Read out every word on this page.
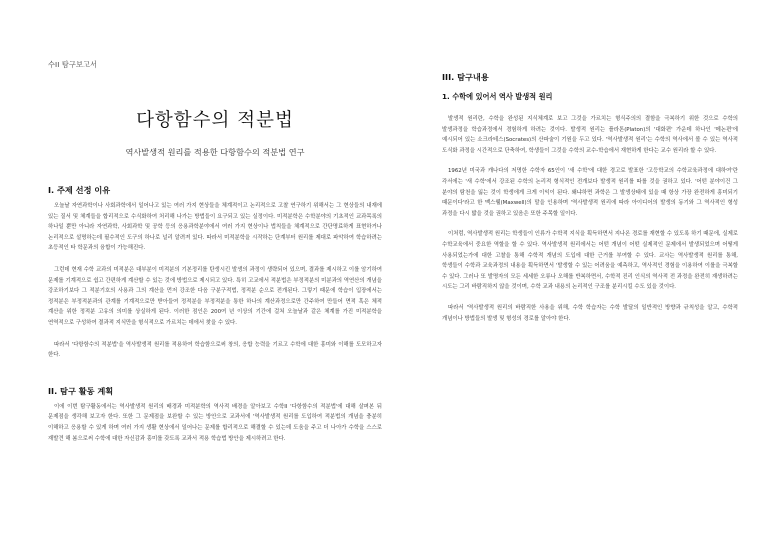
수II 탐구보고서
다항함수의 적분법
역사발생적 원리를 적용한 다항함수의 적분법 연구
I. 주제 선정 이유

오늘날 자연과학이나 사회과학에서 일어나고 있는 여러 가지 현상들을 체계적이고 논리적으로 고찰 연구하기 위해서는 그 현상들의 내재에 있는 질서 및 체계들을 합리적으로 수식화하여 처리해 나가는 방법들이 요구되고 있는 실정이다. 미적분학은 수학분야의 기초적인 교과목록의 하나일 뿐만 아니라 자연과학, 사회과학 및 공학 등의 응용과학분야에서 여러 가지 현상이나 법칙들을 체계적으로 간단명료하게 표현하거나 논리적으로 설명하는데 필수적인 도구의 하나로 널리 알려져 있다. 따라서 미적분학을 시작하는 단계부터 원리를 제대로 파악하여 학습하려는 초등적인 타 학문과의 융합이 가능해진다.

그런데 현재 수학 교과의 미적분은 대부분이 미적분의 기본정리를 탄생시킨 발생의 과정이 생략되어 있으며, 결과를 제시하고 이를 암기하여 문제를 기계적으로 쉽고 간편하게 계산할 수 있는 것에 방법으로 제시되고 있다. 특히 고교에서 적분법은 부정적분의 미분과의 역연산의 개념을 강조하기보다 그 적분기호의 사용과 그의 계산을 먼저 강조한 다음 구분구적법, 정적분 순으로 전개된다. 그렇기 때문에 학습이 입장에서는 정적분은 부정적분과의 관계를 기계적으로만 받아들여 정적분을 부정적분을 통한 하나의 계산과정으로만 간주하여 만들어 면적 혹은 체적 계산을 위한 정적분 고유의 의미를 상실하게 된다. 이러한 점인은 200여 년 이상의 기간에 걸쳐 오늘날과 같은 체계를 가진 미적분학을 연역적으로 구성하여 결과적 지식만을 형식적으로 가르치는 데에서 찾을 수 있다.

따라서 '다항함수의 적분법'을 역사발생적 원리를 적용하여 학습함으로써 창의, 응합 능력을 기르고 수학에 대한 흥미와 이해를 도모하고자 한다.

II. 탐구 활동 계획

이에 이번 탐구활동에서는 역사발생적 원리의 배경과 미적분학의 역사적 배경을 알아보고 수학II '다항함수의 적분법'에 대해 살펴본 뒤 문제점을 생각해 보고자 한다. 또한 그 문제점을 보완할 수 있는 방안으로 교과서에 '역사발생적 원리를 도입하여 적분법의 개념을 충분히 이해하고 응용할 수 있게 하며 여러 가지 생활 현상에서 일어나는 문제를 합리적으로 해결할 수 있는데 도움을 주고 더 나아가 수학을 스스로 재발견 해 봄으로써 수학에 대한 자신감과 흥미를 갖도록 교과서 적용 학습법 방안을 제시하려고 한다.

III. 탐구내용
1. 수학에 있어서 역사 발생적 원리

발생적 원리란, 수학을 완성된 지식체계로 보고 그것을 가르치는 형식주의의 결함을 극복하기 위한 것으로 수학의 발생과정을 학습과정에서 경험하게 하려는 것이다. 발생적 원리는 플라톤(Platon)의 '대화편' 가운데 하나인 '메논편'에 예시되어 있는 소크라테스(Socrates)의 산파술이 기원을 두고 있다. '역사발생적 원리'는 수학의 역사에서 볼 수 있는 역사적 도식화 과정을 시간적으로 단축하여, 학생들이 그것을 수학의 교수-학습에서 재현하게 한다는 교수 원리라 할 수 있다.

1962년 미국과 캐나다의 저명한 수학자 65인이 '새 수학'에 대한 경고로 발표한 '고등학교의 수학교육과정에 대하여'란 각서에는 '새 수학'에서 강조된 수학의 논리적 형식적인 전개보다 발생적 원리를 따를 것을 권하고 있다. '어떤 분야이건 그 분야의 탐천을 잃는 것이 학생에게 크게 이익이 된다. 왜냐하면 과학은 그 발생상태에 있을 때 항상 가장 완전하게 흥미되기 때문이다'라고 한 맥스웰(Maxwell)의 말을 인용하며 '역사발생적 원리에 따라 아이디어의 발생의 동기와 그 역사적인 형성 과정을 다시 밟을 것을 권하고 있음은 또한 주목할 일이다.

이처럼, 역사발생적 원리는 학생들이 인류가 수학적 지식을 획득하면서 지나온 경로를 재현할 수 있도록 하기 때문에, 실제로 수학교육에서 중요한 역할을 할 수 있다. 역사발생적 원리에서는 어떤 개념이 어떤 실제적인 문제에서 발생되었으며 어떻게 사용되었는가에 대한 고찰을 통해 수학적 개념의 도입에 대한 근거를 부여할 수 있다. 교사는 역사발생적 원리를 통해, 학생들이 수학과 교육과정의 내용을 획득하면서 '발생할 수 있는 어려움을 예측하고, 역사적인 경험을 이용하여 이를을 극복할 수 있다. 그러나 또 발명자의 모든 세세한 오류나 오해를 반복하면서, 수학적 진리 인식의 역사적 전 과정을 완전히 재생하려는 시도는 그리 바람직하지 않을 것이며, 수학 교과 내용의 논리적인 구조를 분리시킬 수도 있을 것이다.

따라서 '역사발생적 원리의 바람직한 사용을 위해, 수학 학습자는 수학 발달의 일반적인 방향과 규칙성을 알고, 수학적 개념이나 방법들의 발생 및 형성의 경로를 알아야 한다.
